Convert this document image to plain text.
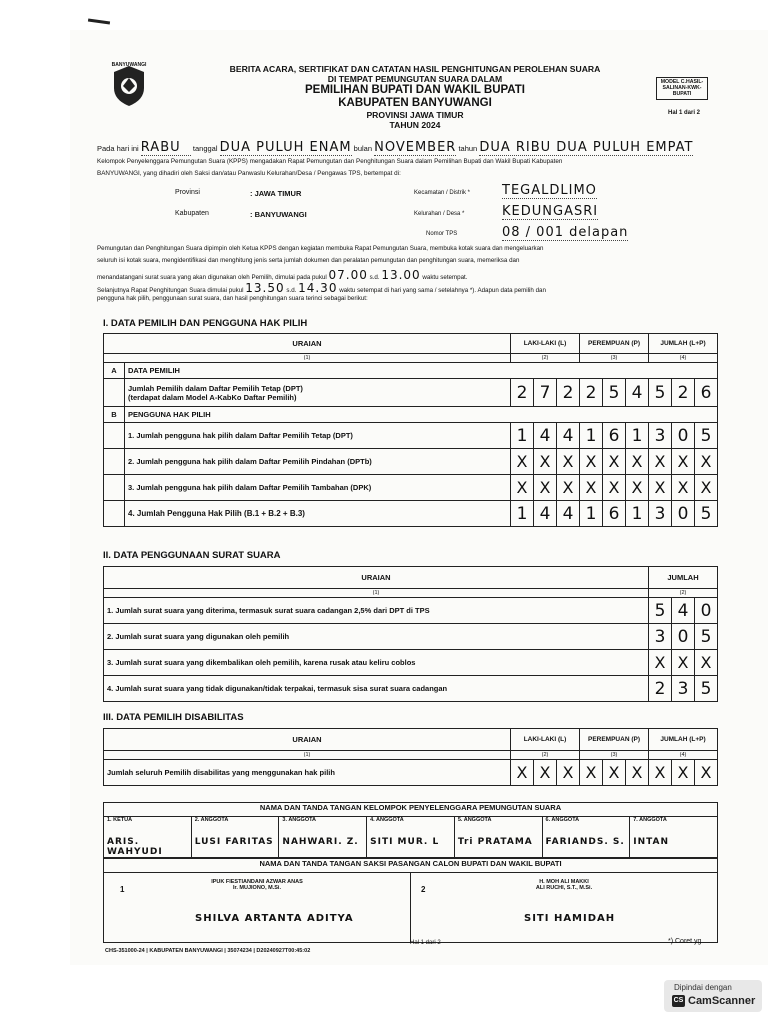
BANYUWANGI	BERITA ACARA, SERTIFIKAT DAN CATATAN HASIL PENGHITUNGAN PEROLEHAN SUARA
DI TEMPAT PEMUNGUTAN SUARA DALAM
PEMILIHAN BUPATI DAN WAKIL BUPATI
KABUPATEN BANYUWANGI
PROVINSI JAWA TIMUR
TAHUN 2024
MODEL C.HASIL-SALINAN-KWK-BUPATI
Hal 1 dari 2
Pada hari ini RABU tanggal DUA PULUH ENAM bulan NOVEMBER tahun DUA RIBU DUA PULUH EMPAT
Kelompok Penyelenggara Pemungutan Suara (KPPS) mengadakan Rapat Pemungutan dan Penghitungan Suara dalam Pemilihan Bupati dan Wakil Bupati Kabupaten
BANYUWANGI, yang dihadiri oleh Saksi dan/atau Panwaslu Kelurahan/Desa / Pengawas TPS, bertempat di:
Provinsi	: JAWA TIMUR
Kabupaten	: BANYUWANGI
Kecamatan / Distrik * TEGALDLIMO
Kelurahan / Desa *	KEDUNGASRI
Nomor TPS	08 / 001 delapan
Pemungutan dan Penghitungan Suara dipimpin oleh Ketua KPPS dengan kegiatan membuka Rapat Pemungutan Suara, membuka kotak suara dan mengeluarkan
seluruh isi kotak suara, mengidentifikasi dan menghitung jenis serta jumlah dokumen dan peralatan pemungutan dan penghitungan suara, memeriksa dan
menandatangani surat suara yang akan digunakan oleh Pemilih, dimulai pada pukul 07.00 s.d. 13.00 waktu setempat.
Selanjutnya Rapat Penghitungan Suara dimulai pukul 13.50 s.d. 14.30 waktu setempat di hari yang sama / setelahnya *). Adapun data pemilih dan
pengguna hak pilih, penggunaan surat suara, dan hasil penghitungan suara terinci sebagai berikut:
I. DATA PEMILIH DAN PENGGUNA HAK PILIH
URAIAN		LAKI-LAKI (L)			PEREMPUAN (P)			JUMLAH (L+P)		
(1)		(2)			(3)			(4)		
A	DATA PEMILIH									

	Jumlah Pemilih dalam Daftar Pemilih Tetap (DPT)
(terdapat dalam Model A-KabKo Daftar Pemilih)	2	7	2	2	5	4	5	2	6
B	PENGGUNA HAK PILIH									
	1. Jumlah pengguna hak pilih dalam Daftar Pemilih Tetap (DPT)	1	4	4	1	6	1	3	0	5
	2. Jumlah pengguna hak pilih dalam Daftar Pemilih Pindahan (DPTb)	X	X	X	X	X	X	X	X	X
	3. Jumlah pengguna hak pilih dalam Daftar Pemilih Tambahan (DPK)	X	X	X	X	X	X	X	X	X
	4. Jumlah Pengguna Hak Pilih (B.1 + B.2 + B.3)	1	4	4	1	6	1	3	0	5
II. DATA PENGGUNAAN SURAT SUARA
URAIAN	JUMLAH		
(1)	(2)		
1. Jumlah surat suara yang diterima, termasuk surat suara cadangan 2,5% dari DPT di TPS	5	4	0
2. Jumlah surat suara yang digunakan oleh pemilih	3	0	5
3. Jumlah surat suara yang dikembalikan oleh pemilih, karena rusak atau keliru coblos	X	X	X
4. Jumlah surat suara yang tidak digunakan/tidak terpakai, termasuk sisa surat suara cadangan	2	3	5
III. DATA PEMILIH DISABILITAS
URAIAN	LAKI-LAKI (L)			PEREMPUAN (P)			JUMLAH (L+P)		
(1)	(2)			(3)			(4)		
Jumlah seluruh Pemilih disabilitas yang menggunakan hak pilih	X	X	X	X	X	X	X	X	X
NAMA DAN TANDA TANGAN KELOMPOK PENYELENGGARA PEMUNGUTAN SUARA

1. KETUA
ARIS. WAHYUDI

2. ANGGOTA
LUSI FARITAS

3. ANGGOTA
NAHWARI. Z.

4. ANGGOTA
SITI MUR. L

5. ANGGOTA
Tri PRATAMA

6. ANGGOTA
FARIANDS. S.

7. ANGGOTA
INTAN
NAMA DAN TANDA TANGAN SAKSI PASANGAN CALON BUPATI DAN WAKIL BUPATI

1
IPUK FIESTIANDANI AZWAR ANAS
Ir. MUJIONO, M.Si.
SHILVA ARTANTA ADITYA

2
H. MOH ALI MAKKI
ALI RUCHI, S.T., M.Si.
SITI HAMIDAH
CHS-351000-24 | KABUPATEN BANYUWANGI | 35074234 | D20240927T00:45:02
Hal 1 dari 2	*) Coret yg
Dipindai dengan
CS CamScanner
